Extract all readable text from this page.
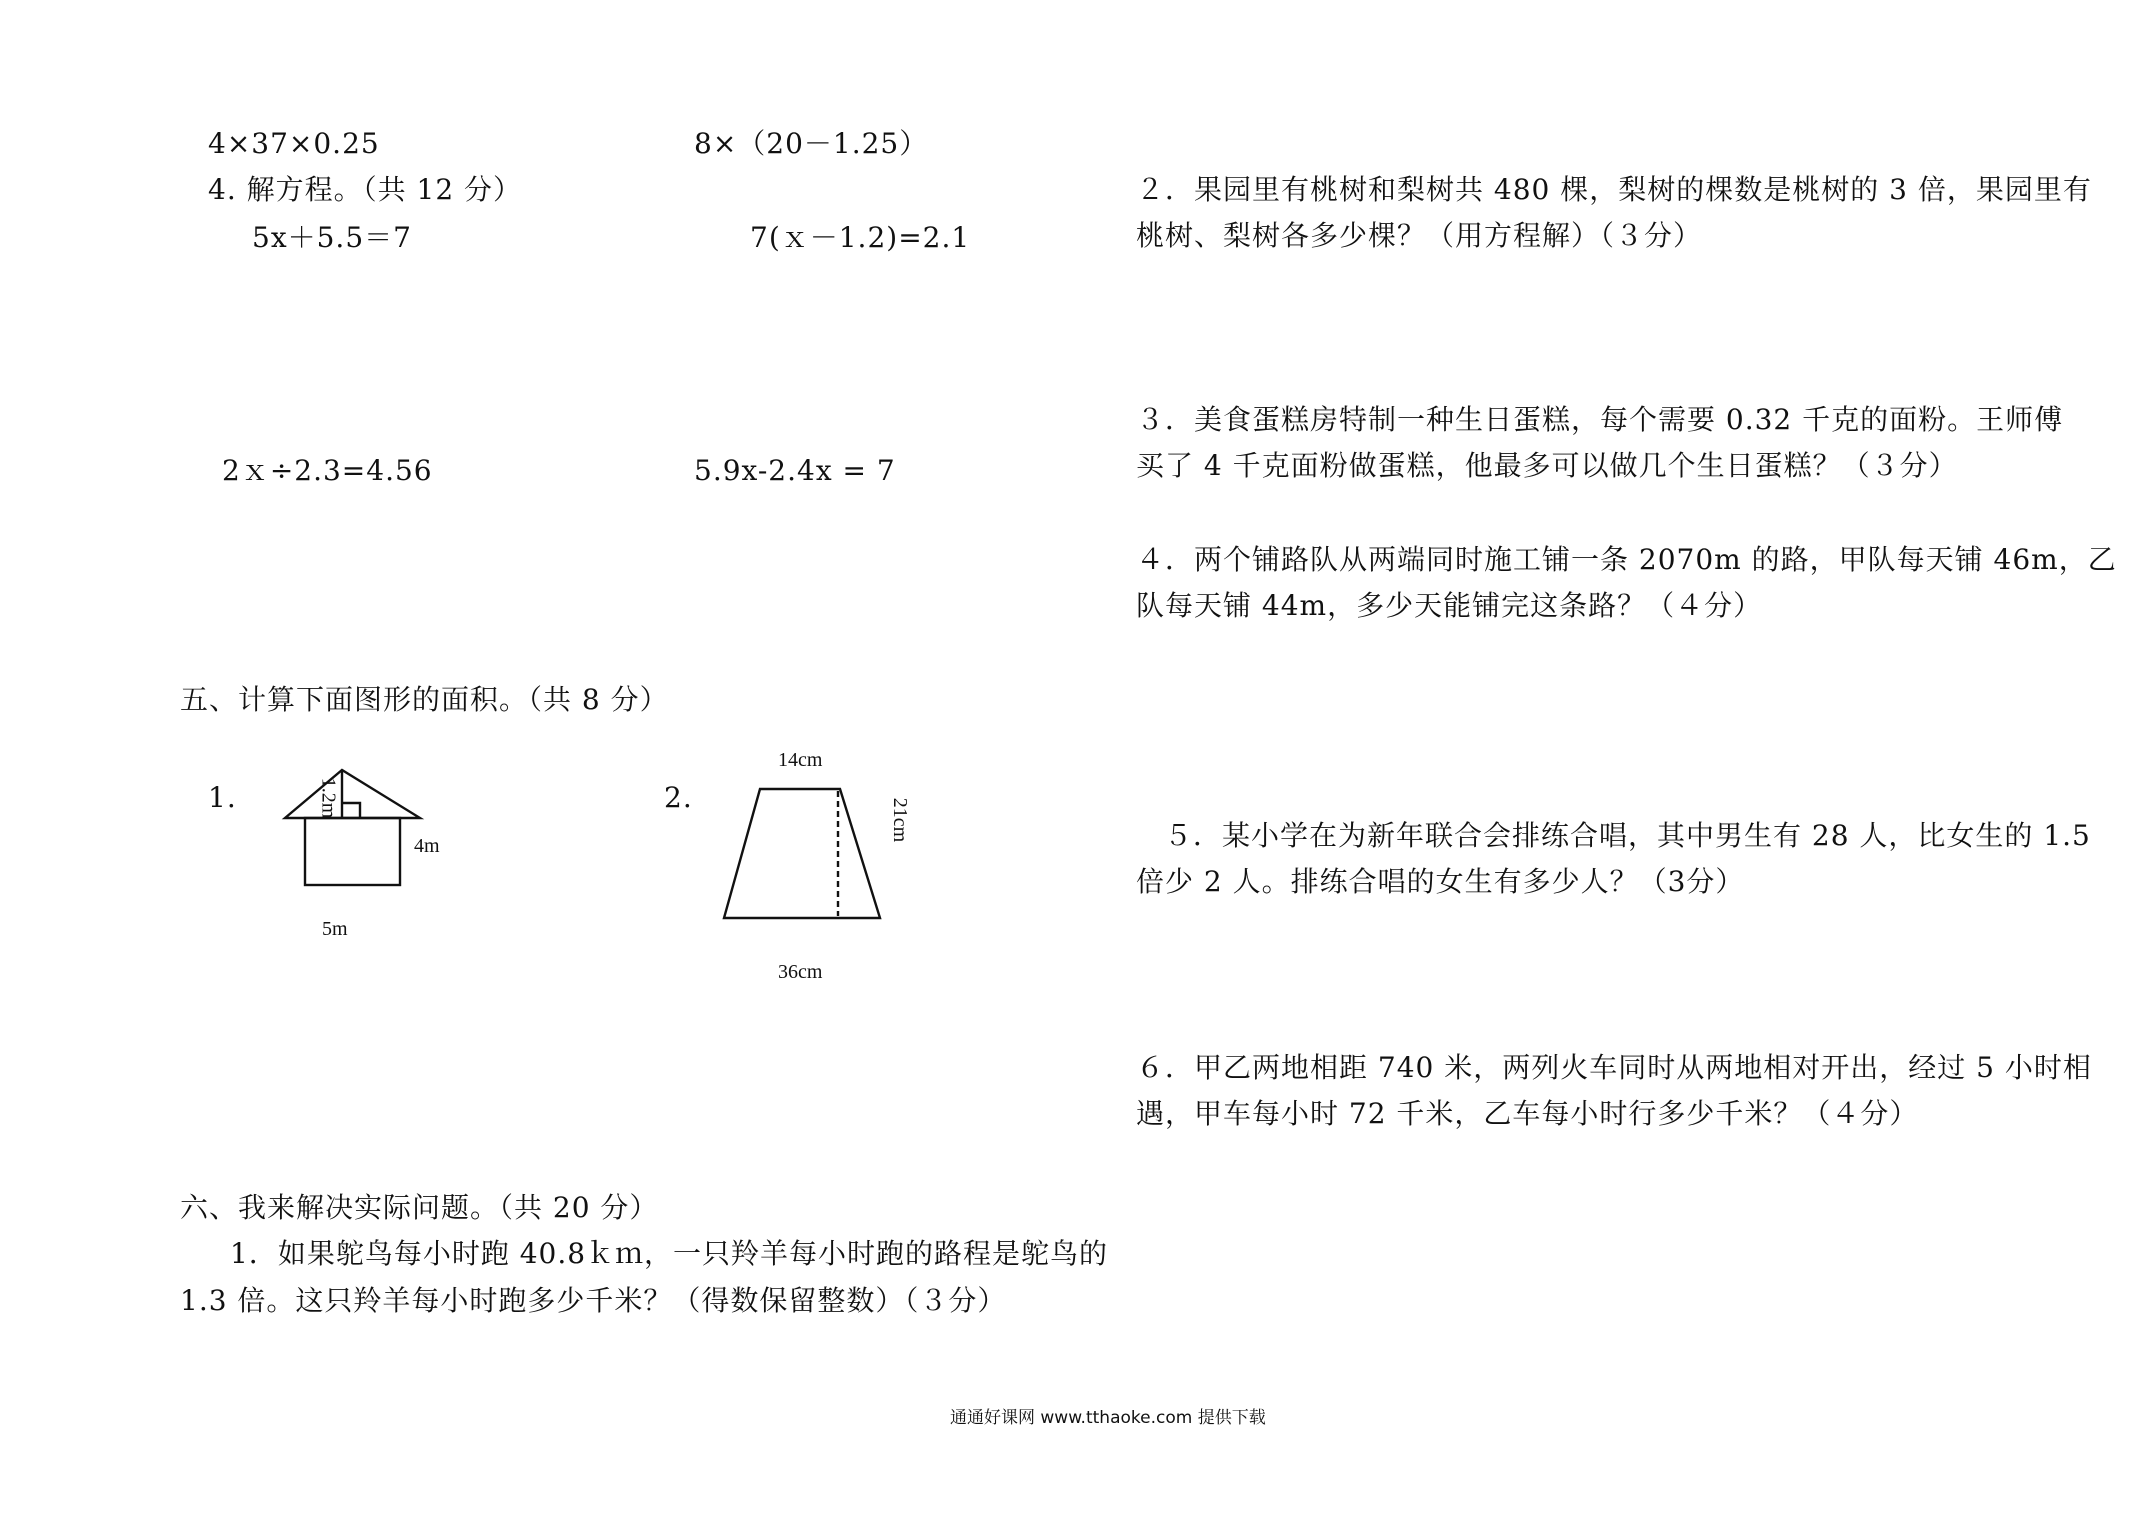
4×37×0.25	8×（20－1.25）
4. 解方程。（共 12 分）
5x＋5.5＝7	7(ｘ－1.2)=2.1
2ｘ÷2.3=4.56	5.9x-2.4x = 7
五、计算下面图形的面积。（共 8 分）
1.	1.2m
4m
5m
2.
14cm
21cm
36cm
六、我来解决实际问题。（共 20 分）
1．如果鸵鸟每小时跑 40.8ｋｍ，一只羚羊每小时跑的路程是鸵鸟的
1.3 倍。这只羚羊每小时跑多少千米？（得数保留整数）（３分）
２．果园里有桃树和梨树共 480 棵，梨树的棵数是桃树的 3 倍，果园里有
桃树、梨树各多少棵？（用方程解）（３分）
３．美食蛋糕房特制一种生日蛋糕，每个需要 0.32 千克的面粉。王师傅
买了 4 千克面粉做蛋糕，他最多可以做几个生日蛋糕？（３分）
４．两个铺路队从两端同时施工铺一条 2070m 的路，甲队每天铺 46m，乙
队每天铺 44m，多少天能铺完这条路？（４分）
５．某小学在为新年联合会排练合唱，其中男生有 28 人，比女生的 1.5
倍少 2 人。排练合唱的女生有多少人？（3分）
６．甲乙两地相距 740 米，两列火车同时从两地相对开出，经过 5 小时相
遇，甲车每小时 72 千米，乙车每小时行多少千米？（４分）
通通好课网 www.tthaoke.com 提供下载
